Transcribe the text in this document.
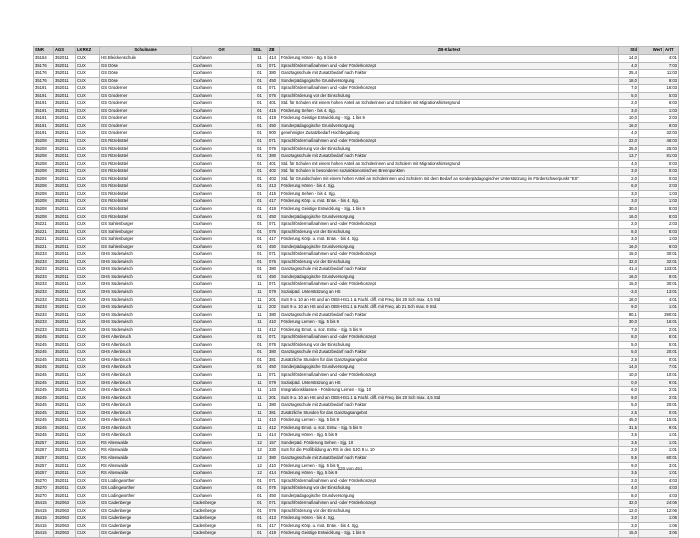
SNR	AGS	LKRKZ	Schulname	Ort	SGL	ZB	ZB-Klartext	Std	Wert	ArtT
35154	352011	CUX	HS Bleickenschule	Cuxhaven	11	414	Förderung Hören - Sg. 5 bis 9	14,0	4:01	
35176	352011	CUX	GS Döse	Cuxhaven	01	071	Sprachfördermaßnahmen und -oder Förderkonzept	4,0	7:03	
35176	352011	CUX	GS Döse	Cuxhaven	01	380	Ganztagsschule mit Zusatzbedarf nach Faktor	25,4	11:03	
35176	352011	CUX	GS Döse	Cuxhaven	01	450	Sonderpädagogische Grundversorgung	18,0	9:03	
35191	352011	CUX	GS Groderner	Cuxhaven	01	071	Sprachfördermaßnahmen und -oder Förderkonzept	7,0	16:03	
35191	352011	CUX	GS Groderner	Cuxhaven	01	076	Sprachförderung vor der Einschulung	5,0	5:03	
35191	352011	CUX	GS Groderner	Cuxhaven	01	401	Std. für Schulen mit einem hohen Anteil an Schülerinnen und Schülern mit Migrationshintergrund	2,0	6:03	
35191	352011	CUX	GS Groderner	Cuxhaven	01	415	Förderung Sehen - bis 4. Sjg.	3,0	1:03	
35191	352011	CUX	GS Groderner	Cuxhaven	01	419	Förderung Geistige Entwicklung - Sjg. 1 bis 9	10,0	2:03	
35191	352011	CUX	GS Groderner	Cuxhaven	01	450	Sonderpädagogische Grundversorgung	16,0	8:03	
35191	352011	CUX	GS Groderner	Cuxhaven	01	900	genehmigter Zusatzbedarf Hochbegabung	4,0	32:03	
35208	352011	CUX	GS Ritzebüttel	Cuxhaven	01	071	Sprachfördermaßnahmen und -oder Förderkonzept	22,0	46:03	
35208	352011	CUX	GS Ritzebüttel	Cuxhaven	01	076	Sprachförderung vor der Einschulung	25,0	25:03	
35208	352011	CUX	GS Ritzebüttel	Cuxhaven	01	380	Ganztagsschule mit Zusatzbedarf nach Faktor	13,7	81:03	
35208	352011	CUX	GS Ritzebüttel	Cuxhaven	01	401	Std. für Schulen mit einem hohen Anteil an Schülerinnen und Schülern mit Migrationshintergrund	4,0	0:03	
35208	352011	CUX	GS Ritzebüttel	Cuxhaven	01	402	Std. für Schulen in besonderen sozialökonomischen Brennpunkten	3,0	0:03	
35208	352011	CUX	GS Ritzebüttel	Cuxhaven	01	403	Std. für Grundschulen mit einem hohen Anteil an Schülerinnen und Schülern mit dem Bedarf an sonderpädagogischer Unterstützung im Förderschwerpunkt "ES"	2,0	0:03	
35208	352011	CUX	GS Ritzebüttel	Cuxhaven	01	413	Förderung Hören - bis 4. Sjg.	6,0	2:03	
35208	352011	CUX	GS Ritzebüttel	Cuxhaven	01	415	Förderung Sehen - bis 4. Sjg.	3,0	1:03	
35208	352011	CUX	GS Ritzebüttel	Cuxhaven	01	417	Förderung Körp. u. mot. Entw. - bis 4. Sjg.	3,0	1:03	
35208	352011	CUX	GS Ritzebüttel	Cuxhaven	01	419	Förderung Geistige Entwicklung - Sjg. 1 bis 9	30,0	8:03	
35208	352011	CUX	GS Ritzebüttel	Cuxhaven	01	450	Sonderpädagogische Grundversorgung	16,0	8:03	
35221	352011	CUX	GS Sahlenburger	Cuxhaven	01	071	Sprachfördermaßnahmen und -oder Förderkonzept	2,0	2:03	
35221	352011	CUX	GS Sahlenburger	Cuxhaven	01	076	Sprachförderung vor der Einschulung	8,0	8:03	
35221	352011	CUX	GS Sahlenburger	Cuxhaven	01	417	Förderung Körp. u. mot. Entw. - bis 4. Sjg.	3,0	1:03	
35221	352011	CUX	GS Sahlenburger	Cuxhaven	01	450	Sonderpädagogische Grundversorgung	16,0	8:03	
35233	352011	CUX	GHS Süderwisch	Cuxhaven	01	071	Sprachfördermaßnahmen und -oder Förderkonzept	15,0	30:01	
35233	352011	CUX	GHS Süderwisch	Cuxhaven	01	076	Sprachförderung vor der Einschulung	32,0	32:01	
35233	352011	CUX	GHS Süderwisch	Cuxhaven	01	380	Ganztagsschule mit Zusatzbedarf nach Faktor	41,4	133:01	
35233	352011	CUX	GHS Süderwisch	Cuxhaven	01	450	Sonderpädagogische Grundversorgung	16,0	8:01	
35233	352011	CUX	GHS Süderwisch	Cuxhaven	11	071	Sprachfördermaßnahmen und -oder Förderkonzept	15,0	30:01	
35233	352011	CUX	GHS Süderwisch	Cuxhaven	11	079	Sozialpäd. Unterstützung an HS	-3,0	13:01	
35233	352011	CUX	GHS Süderwisch	Cuxhaven	11	201	SuS 9 u. 10 an HS und an OBS-HS1.1 & Fachl. diff. mit Freq. bis 20 Sch max. 4,5 Std	18,0	4:01	
35233	352011	CUX	GHS Süderwisch	Cuxhaven	11	202	SuS 9 u. 10 an HS und an OBS-HS1.1 & Fachl. diff. mit Freq. ab 21 Sch max. 9 Std.	9,0	1:01	
35233	352011	CUX	GHS Süderwisch	Cuxhaven	11	380	Ganztagsschule mit Zusatzbedarf nach Faktor	80,1	290:01	
35233	352011	CUX	GHS Süderwisch	Cuxhaven	11	410	Förderung Lernen - Sjg. 5 bis 9	30,0	16:01	
35233	352011	CUX	GHS Süderwisch	Cuxhaven	11	412	Förderung Emot. u. soz. Entw. - Sjg. 5 bis 9	7,0	2:01	
35245	352011	CUX	GHS Altenbruch	Cuxhaven	01	071	Sprachfördermaßnahmen und -oder Förderkonzept	8,0	8:01	
35245	352011	CUX	GHS Altenbruch	Cuxhaven	01	076	Sprachförderung vor der Einschulung	5,0	5:01	
35245	352011	CUX	GHS Altenbruch	Cuxhaven	01	380	Ganztagsschule mit Zusatzbedarf nach Faktor	5,0	20:01	
35245	352011	CUX	GHS Altenbruch	Cuxhaven	01	381	Zusätzliche Stunden für das Ganztagsangebot	2,5	0:01	
35245	352011	CUX	GHS Altenbruch	Cuxhaven	01	450	Sonderpädagogische Grundversorgung	14,0	7:01	
35245	352011	CUX	GHS Altenbruch	Cuxhaven	11	071	Sprachfördermaßnahmen und -oder Förderkonzept	10,0	10:01	
35245	352011	CUX	GHS Altenbruch	Cuxhaven	11	079	Sozialpäd. Unterstützung an HS	0,0	9:01	
35245	352011	CUX	GHS Altenbruch	Cuxhaven	11	143	Integrationsklassen - Förderung Lernen - Sjg. 10	6,0	2:01	
35245	352011	CUX	GHS Altenbruch	Cuxhaven	11	201	SuS 9 u. 10 an HS und an OBS-HS1.1 & Fachl. diff. mit Freq. bis 20 Sch max. 4,5 Std	9,0	2:01	
35245	352011	CUX	GHS Altenbruch	Cuxhaven	11	380	Ganztagsschule mit Zusatzbedarf nach Faktor	5,0	20:01	
35245	352011	CUX	GHS Altenbruch	Cuxhaven	11	381	Zusätzliche Stunden für das Ganztagsangebot	2,5	0:01	
35245	352011	CUX	GHS Altenbruch	Cuxhaven	11	410	Förderung Lernen - Sjg. 5 bis 9	45,0	15:01	
35245	352011	CUX	GHS Altenbruch	Cuxhaven	11	412	Förderung Emot. u. soz. Entw. - Sjg. 5 bis 9	31,5	9:01	
35245	352011	CUX	GHS Altenbruch	Cuxhaven	11	414	Förderung Hören - Sjg. 5 bis 9	3,5	1:01	
35257	352011	CUX	RS Altenwalde	Cuxhaven	12	157	Sonderpäd. Förderung Sehen - Sjg. 10	3,5	1:01	
35257	352011	CUX	RS Altenwalde	Cuxhaven	12	230	SuS für die Profilbildung an RS in den SJG 9 u. 10	2,0	1:01	
35257	352011	CUX	RS Altenwalde	Cuxhaven	12	380	Ganztagsschule mit Zusatzbedarf nach Faktor	9,5	60:01	
35257	352011	CUX	RS Altenwalde	Cuxhaven	12	410	Förderung Lernen - Sjg. 5 bis 9	9,0	3:01	
35257	352011	CUX	RS Altenwalde	Cuxhaven	12	414	Förderung Hören - Sjg. 5 bis 9	3,5	1:01	
35270	352011	CUX	GS Lüdingworther	Cuxhaven	01	071	Sprachfördermaßnahmen und -oder Förderkonzept	2,0	4:03	
35270	352011	CUX	GS Lüdingworther	Cuxhaven	01	076	Sprachförderung vor der Einschulung	4,0	4:03	
35270	352011	CUX	GS Lüdingworther	Cuxhaven	01	450	Sonderpädagogische Grundversorgung	8,0	4:03	
35415	352063	CUX	GS Cadenberge	Cadenberge	01	071	Sprachfördermaßnahmen und -oder Förderkonzept	32,0	24:06	
35415	352063	CUX	GS Cadenberge	Cadenberge	01	076	Sprachförderung vor der Einschulung	12,0	12:06	
35415	352063	CUX	GS Cadenberge	Cadenberge	01	413	Förderung Hören - bis 4. Sjg.	3,0	1:06	
35415	352063	CUX	GS Cadenberge	Cadenberge	01	417	Förderung Körp. u. mot. Entw. - bis 4. Sjg.	3,0	1:06	
35415	352063	CUX	GS Cadenberge	Cadenberge	01	419	Förderung Geistige Entwicklung - Sjg. 1 bis 9	15,0	3:06	
220 von 451
